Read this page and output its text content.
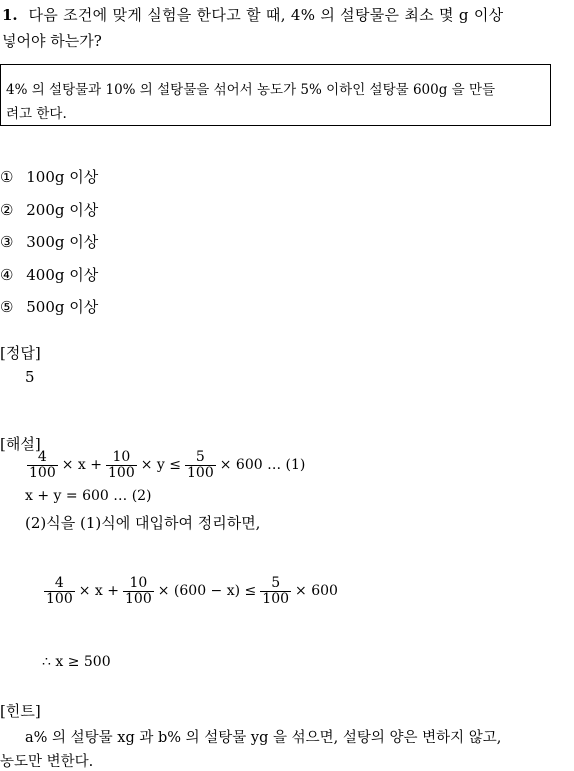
1. 다음 조건에 맞게 실험을 한다고 할 때, 4% 의 설탕물은 최소 몇 g 이상
넣어야 하는가?
4% 의 설탕물과 10% 의 설탕물을 섞어서 농도가 5% 이하인 설탕물 600g 을 만들
려고 한다.
① 100g 이상
② 200g 이상
③ 300g 이상
④ 400g 이상
⑤ 500g 이상
[정답]
5
[해설]
$\frac{4}{100} \times x + \frac{10}{100} \times y \le \frac{5}{100} \times 600$ … (1)
x + y = 600 … (2)
(2)식을 (1)식에 대입하여 정리하면,
$\frac{4}{100} \times x + \frac{10}{100} \times (600 - x) \le \frac{5}{100} \times 600$
∴ x ≥ 500
[힌트]
a% 의 설탕물 xg 과 b% 의 설탕물 yg 을 섞으면, 설탕의 양은 변하지 않고,
농도만 변한다.
